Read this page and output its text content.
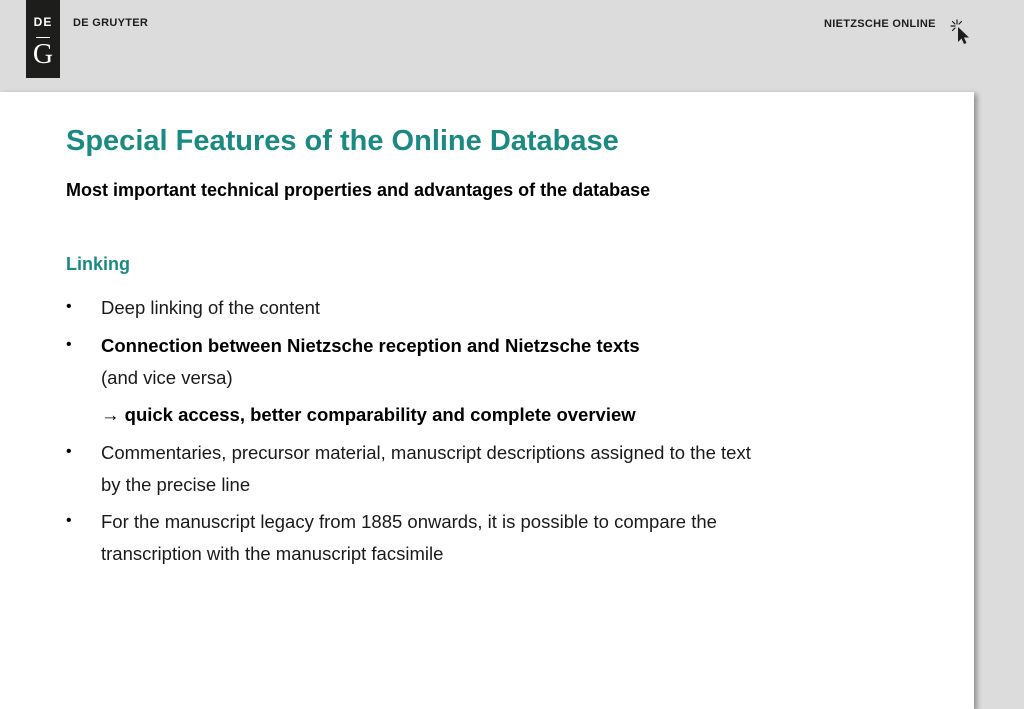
DE
G
DE GRUYTER	NIETZSCHE ONLINE
Special Features of the Online Database
Most important technical properties and advantages of the database
Linking
• Deep linking of the content
• Connection between Nietzsche reception and Nietzsche texts
(and vice versa)
→ quick access, better comparability and complete overview
• Commentaries, precursor material, manuscript descriptions assigned to the text
by the precise line
• For the manuscript legacy from 1885 onwards, it is possible to compare the
transcription with the manuscript facsimile
